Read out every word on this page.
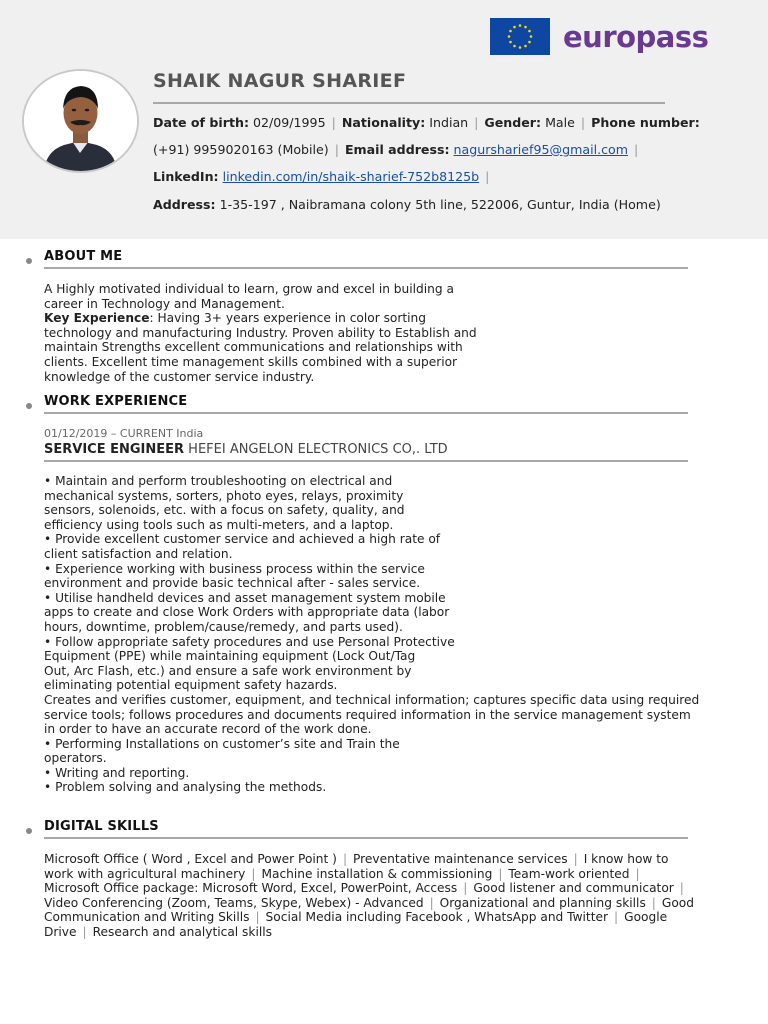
europass
SHAIK NAGUR SHARIEF
Date of birth: 02/09/1995 | Nationality: Indian | Gender: Male | Phone number:
(+91) 9959020163 (Mobile) | Email address: nagursharief95@gmail.com |
LinkedIn: linkedin.com/in/shaik-sharief-752b8125b |
Address: 1-35-197 , Naibramana colony 5th line, 522006, Guntur, India (Home)
ABOUT ME
A Highly motivated individual to learn, grow and excel in building a
career in Technology and Management.
Key Experience: Having 3+ years experience in color sorting
technology and manufacturing Industry. Proven ability to Establish and
maintain Strengths excellent communications and relationships with
clients. Excellent time management skills combined with a superior
knowledge of the customer service industry.
WORK EXPERIENCE
01/12/2019 – CURRENT India
SERVICE ENGINEER HEFEI ANGELON ELECTRONICS CO,. LTD
• Maintain and perform troubleshooting on electrical and
mechanical systems, sorters, photo eyes, relays, proximity
sensors, solenoids, etc. with a focus on safety, quality, and
efficiency using tools such as multi-meters, and a laptop.
• Provide excellent customer service and achieved a high rate of
client satisfaction and relation.
• Experience working with business process within the service
environment and provide basic technical after - sales service.
• Utilise handheld devices and asset management system mobile
apps to create and close Work Orders with appropriate data (labor
hours, downtime, problem/cause/remedy, and parts used).
• Follow appropriate safety procedures and use Personal Protective
Equipment (PPE) while maintaining equipment (Lock Out/Tag
Out, Arc Flash, etc.) and ensure a safe work environment by
eliminating potential equipment safety hazards.
Creates and verifies customer, equipment, and technical information; captures specific data using required
service tools; follows procedures and documents required information in the service management system
in order to have an accurate record of the work done.
• Performing Installations on customer’s site and Train the
operators.
• Writing and reporting.
• Problem solving and analysing the methods.
DIGITAL SKILLS
Microsoft Office ( Word , Excel and Power Point ) | Preventative maintenance services | I know how to
work with agricultural machinery | Machine installation & commissioning | Team-work oriented |
Microsoft Office package: Microsoft Word, Excel, PowerPoint, Access | Good listener and communicator |
Video Conferencing (Zoom, Teams, Skype, Webex) - Advanced | Organizational and planning skills | Good
Communication and Writing Skills | Social Media including Facebook , WhatsApp and Twitter | Google
Drive | Research and analytical skills
